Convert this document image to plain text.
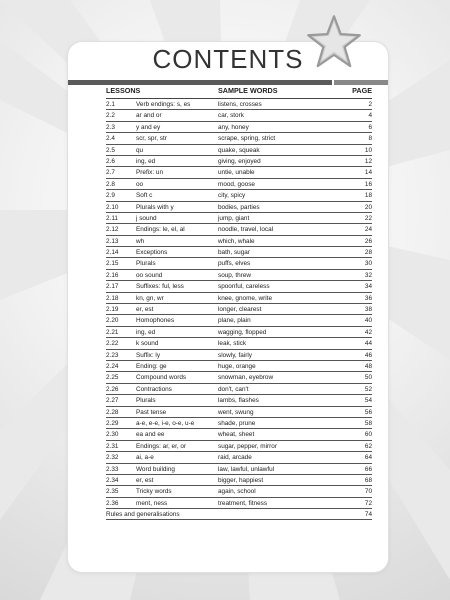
CONTENTS
LESSONS	SAMPLE WORDS	PAGE
2.1	Verb endings: s, es	listens, crosses	2
2.2	ar and or	car, stork	4
2.3	y and ey	any, honey	6
2.4	scr, spr, str	scrape, spring, strict	8
2.5	qu	quake, squeak	10
2.6	ing, ed	giving, enjoyed	12
2.7	Prefix: un	untie, unable	14
2.8	oo	mood, goose	16
2.9	Soft c	city, spicy	18
2.10	Plurals with y	bodies, parties	20
2.11	j sound	jump, giant	22
2.12	Endings: le, el, al	noodle, travel, local	24
2.13	wh	which, whale	26
2.14	Exceptions	bath, sugar	28
2.15	Plurals	puffs, elves	30
2.16	oo sound	soup, threw	32
2.17	Suffixes: ful, less	spoonful, careless	34
2.18	kn, gn, wr	knee, gnome, write	36
2.19	er, est	longer, clearest	38
2.20	Homophones	plane, plain	40
2.21	ing, ed	wagging, flopped	42
2.22	k sound	leak, stick	44
2.23	Suffix: ly	slowly, fairly	46
2.24	Ending: ge	huge, orange	48
2.25	Compound words	snowman, eyebrow	50
2.26	Contractions	don't, can't	52
2.27	Plurals	lambs, flashes	54
2.28	Past tense	went, swung	56
2.29	a-e, e-e, i-e, o-e, u-e	shade, prune	58
2.30	ea and ee	wheat, sheet	60
2.31	Endings: ar, er, or	sugar, pepper, mirror	62
2.32	ai, a-e	raid, arcade	64
2.33	Word building	law, lawful, unlawful	66
2.34	er, est	bigger, happiest	68
2.35	Tricky words	again, school	70
2.36	ment, ness	treatment, fitness	72
Rules and generalisations	74
